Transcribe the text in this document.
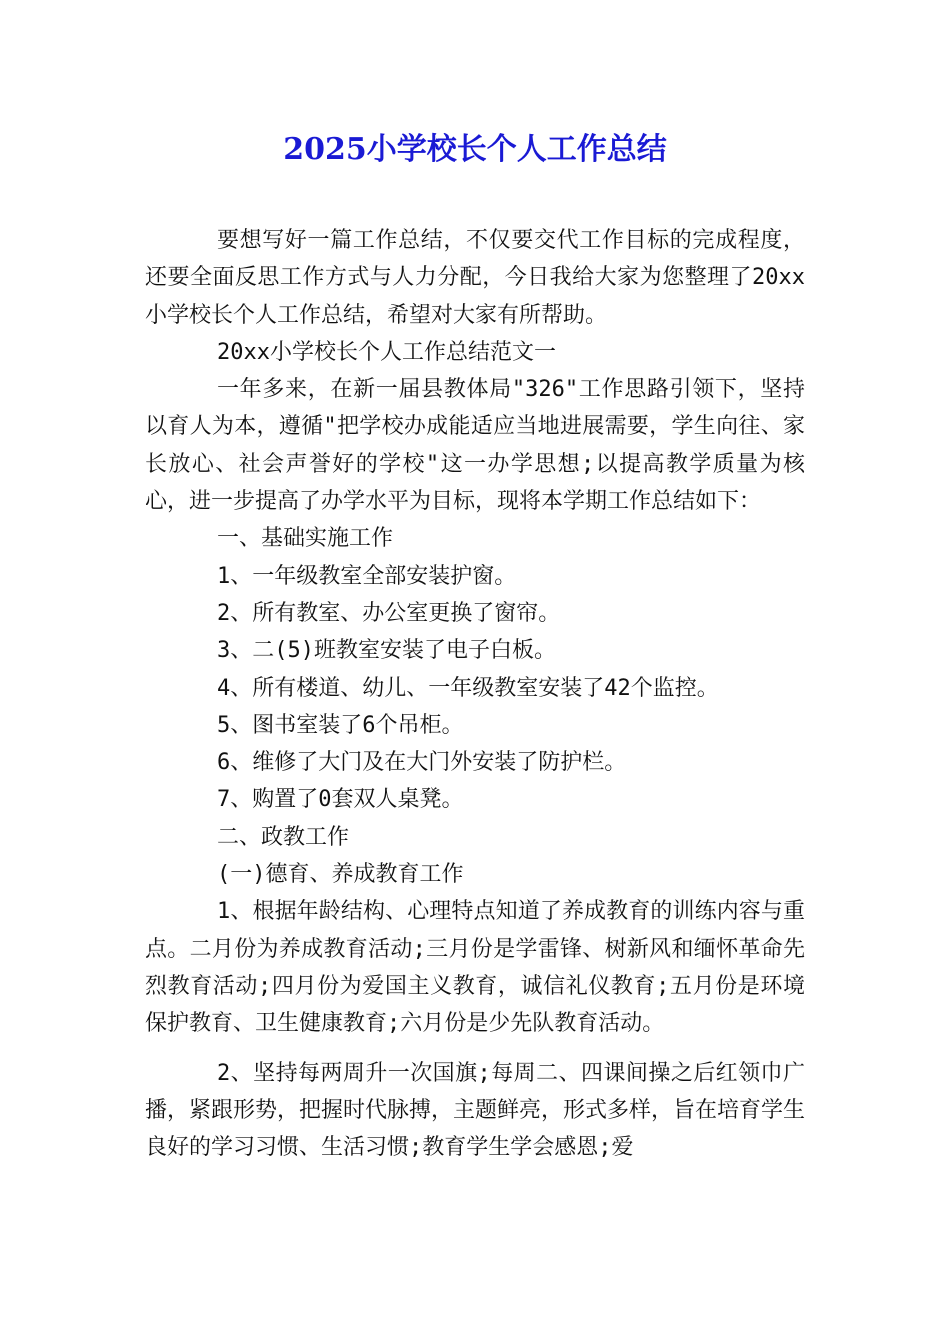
2025小学校长个人工作总结

要想写好一篇工作总结，不仅要交代工作目标的完成程度，还要全面反思工作方式与人力分配，今日我给大家为您整理了20xx小学校长个人工作总结，希望对大家有所帮助。

20xx小学校长个人工作总结范文一

一年多来，在新一届县教体局"326"工作思路引领下，坚持以育人为本，遵循"把学校办成能适应当地进展需要，学生向往、家长放心、社会声誉好的学校"这一办学思想;以提高教学质量为核心，进一步提高了办学水平为目标，现将本学期工作总结如下：

一、基础实施工作

1、一年级教室全部安装护窗。

2、所有教室、办公室更换了窗帘。

3、二(5)班教室安装了电子白板。

4、所有楼道、幼儿、一年级教室安装了42个监控。

5、图书室装了6个吊柜。

6、维修了大门及在大门外安装了防护栏。

7、购置了0套双人桌凳。

二、政教工作

(一)德育、养成教育工作

1、根据年龄结构、心理特点知道了养成教育的训练内容与重点。二月份为养成教育活动;三月份是学雷锋、树新风和缅怀革命先烈教育活动;四月份为爱国主义教育，诚信礼仪教育;五月份是环境保护教育、卫生健康教育;六月份是少先队教育活动。

2、坚持每两周升一次国旗;每周二、四课间操之后红领巾广播，紧跟形势，把握时代脉搏，主题鲜亮，形式多样，旨在培育学生良好的学习习惯、生活习惯;教育学生学会感恩;爱
